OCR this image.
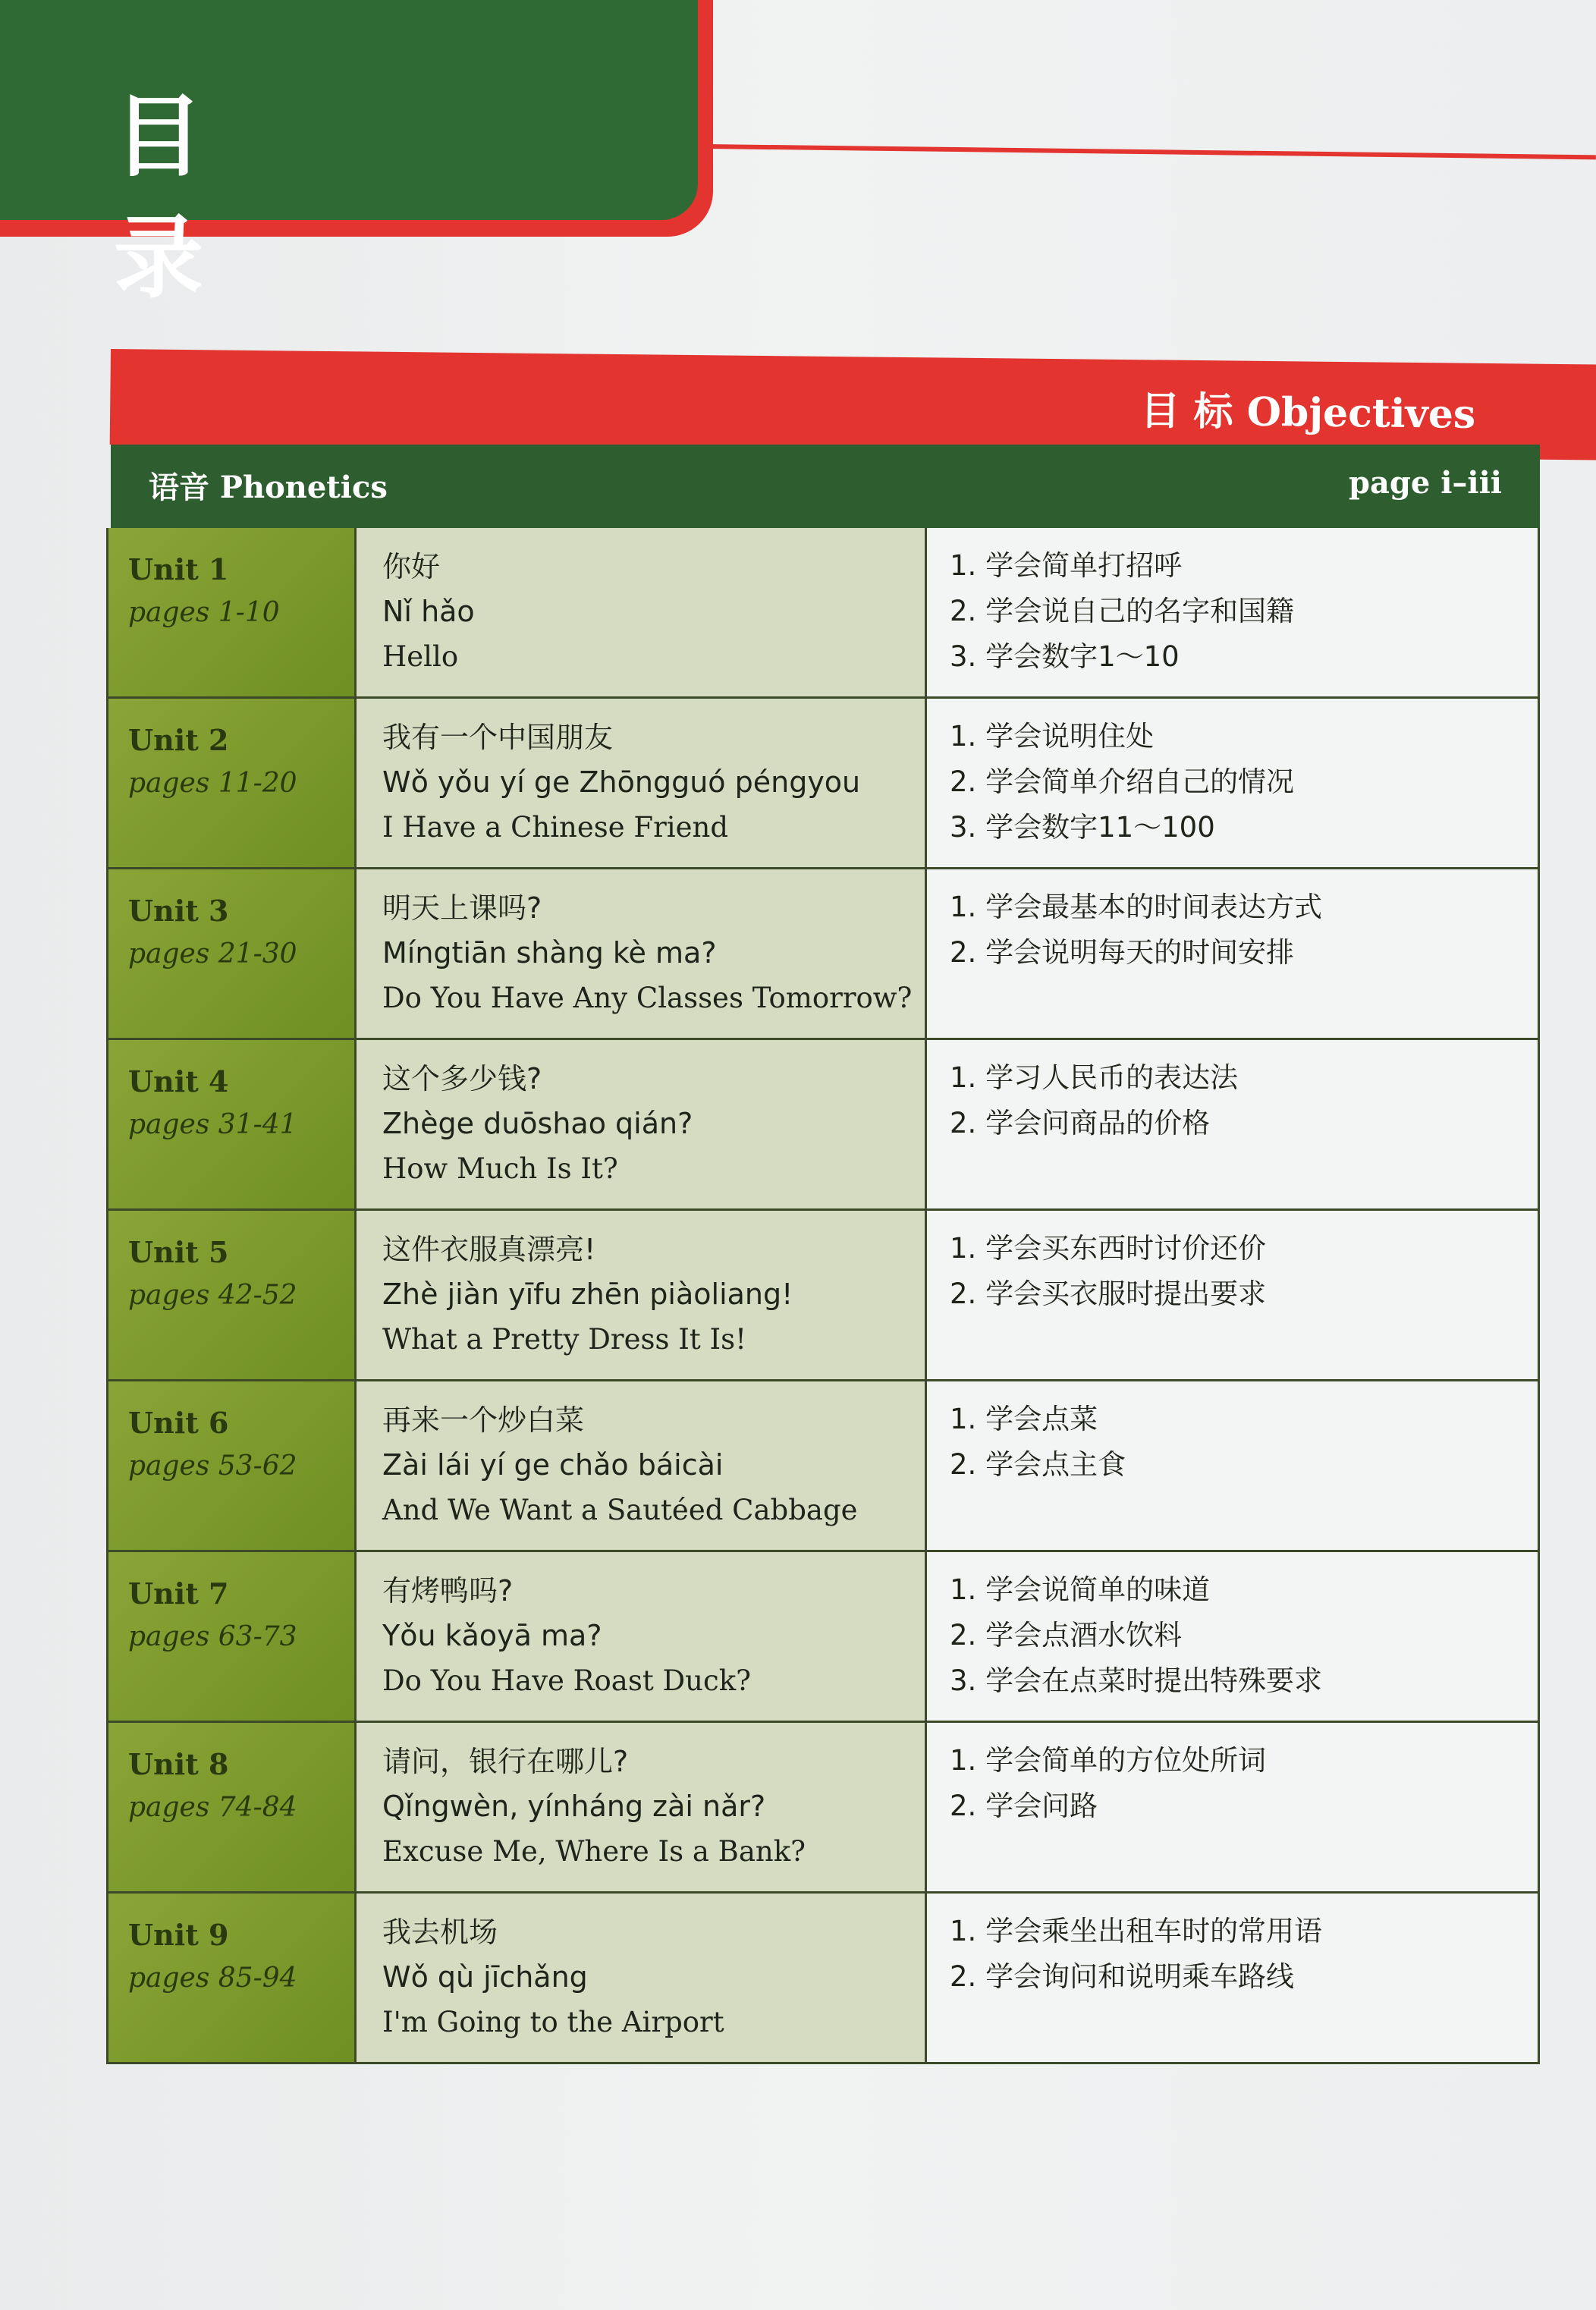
目 录
目 标 Objectives
语音 Phonetics	page i–iii
Unit 1
pages 1-10
你好
Nǐ hǎo
Hello
1. 学会简单打招呼
2. 学会说自己的名字和国籍
3. 学会数字1～10
Unit 2
pages 11-20
我有一个中国朋友
Wǒ yǒu yí ge Zhōngguó péngyou
I Have a Chinese Friend
1. 学会说明住处
2. 学会简单介绍自己的情况
3. 学会数字11～100
Unit 3
pages 21-30
明天上课吗?
Míngtiān shàng kè ma?
Do You Have Any Classes Tomorrow?
1. 学会最基本的时间表达方式
2. 学会说明每天的时间安排
Unit 4
pages 31-41
这个多少钱?
Zhège duōshao qián?
How Much Is It?
1. 学习人民币的表达法
2. 学会问商品的价格
Unit 5
pages 42-52
这件衣服真漂亮!
Zhè jiàn yīfu zhēn piàoliang!
What a Pretty Dress It Is!
1. 学会买东西时讨价还价
2. 学会买衣服时提出要求
Unit 6
pages 53-62
再来一个炒白菜
Zài lái yí ge chǎo báicài
And We Want a Sautéed Cabbage
1. 学会点菜
2. 学会点主食
Unit 7
pages 63-73
有烤鸭吗?
Yǒu kǎoyā ma?
Do You Have Roast Duck?
1. 学会说简单的味道
2. 学会点酒水饮料
3. 学会在点菜时提出特殊要求
Unit 8
pages 74-84
请问，银行在哪儿?
Qǐngwèn, yínháng zài nǎr?
Excuse Me, Where Is a Bank?
1. 学会简单的方位处所词
2. 学会问路
Unit 9
pages 85-94
我去机场
Wǒ qù jīchǎng
I'm Going to the Airport
1. 学会乘坐出租车时的常用语
2. 学会询问和说明乘车路线
